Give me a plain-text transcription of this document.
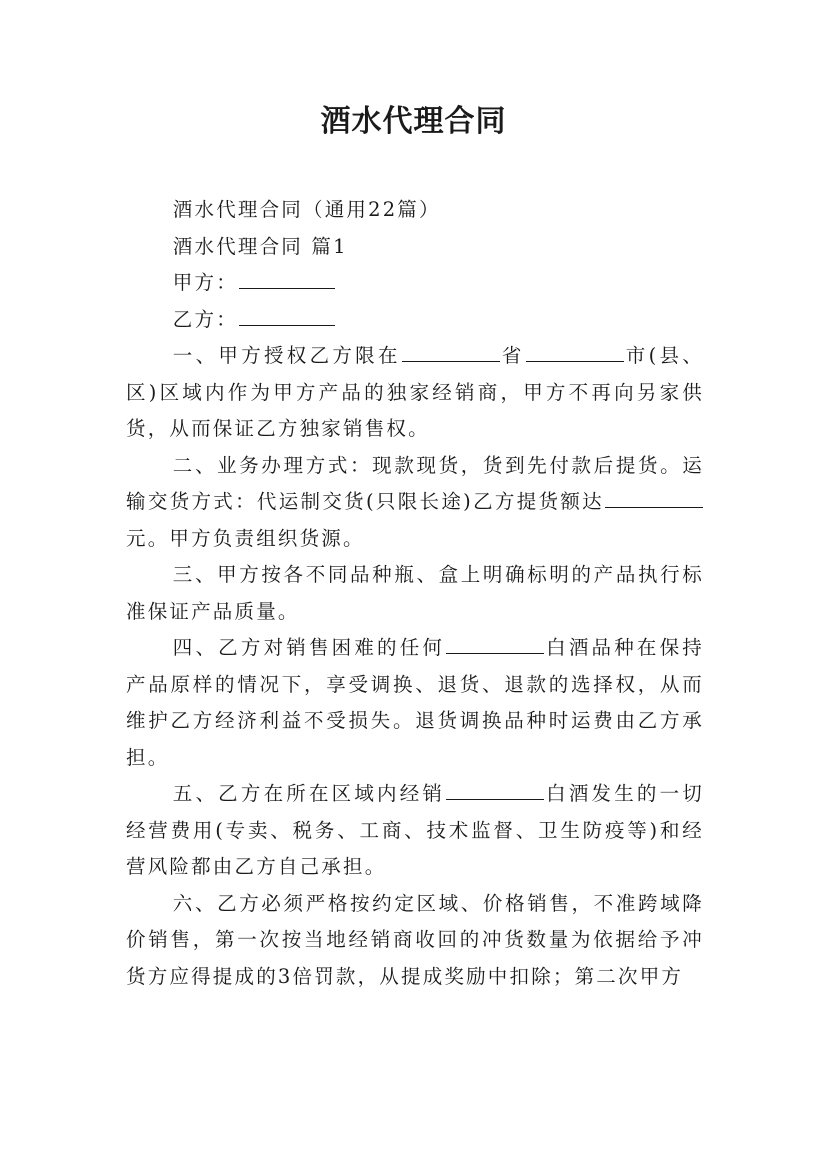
酒水代理合同

酒水代理合同（通用22篇）

酒水代理合同 篇1

甲方：

乙方：

一、甲方授权乙方限在	省	市(县、区)区域内作为甲方产品的独家经销商，甲方不再向另家供货，从而保证乙方独家销售权。

二、业务办理方式：现款现货，货到先付款后提货。运输交货方式：代运制交货(只限长途)乙方提货额达元。甲方负责组织货源。

三、甲方按各不同品种瓶、盒上明确标明的产品执行标准保证产品质量。

四、乙方对销售困难的任何	白酒品种在保持产品原样的情况下，享受调换、退货、退款的选择权，从而维护乙方经济利益不受损失。退货调换品种时运费由乙方承担。

五、乙方在所在区域内经销	白酒发生的一切经营费用(专卖、税务、工商、技术监督、卫生防疫等)和经营风险都由乙方自己承担。

六、乙方必须严格按约定区域、价格销售，不准跨域降价销售，第一次按当地经销商收回的冲货数量为依据给予冲货方应得提成的3倍罚款，从提成奖励中扣除；第二次甲方
